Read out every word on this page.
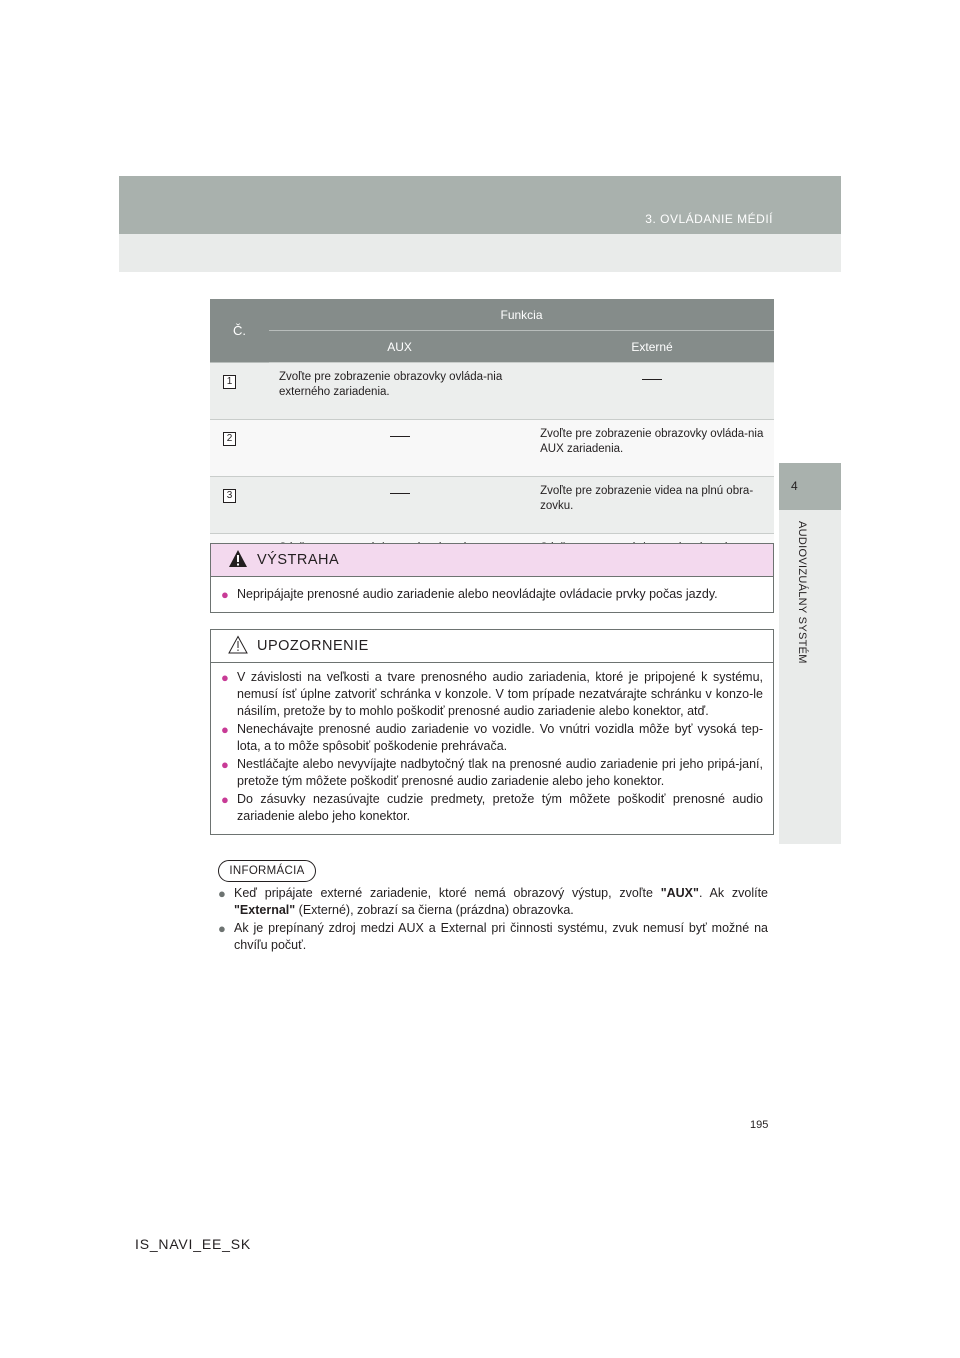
3. OVLÁDANIE MÉDIÍ
4
AUDIOVIZUÁLNY SYSTÉM
Č.	Funkcia	
	AUX	Externé
1	Zvoľte pre zobrazenie obrazovky ovláda-nia externého zariadenia.	
2		Zvoľte pre zobrazenie obrazovky ovláda-nia AUX zariadenia.
3		Zvoľte pre zobrazenie videa na plnú obra-zovku.

VÝSTRAHA
● Nepripájajte prenosné audio zariadenie alebo neovládajte ovládacie prvky počas jazdy.
UPOZORNENIE
● V závislosti na veľkosti a tvare prenosného audio zariadenia, ktoré je pripojené k systému, nemusí ísť úplne zatvoriť schránka v konzole. V tom prípade nezatvárajte schránku v konzo-le násilím, pretože by to mohlo poškodiť prenosné audio zariadenie alebo konektor, atď.
● Nenechávajte prenosné audio zariadenie vo vozidle. Vo vnútri vozidla môže byť vysoká tep-lota, a to môže spôsobiť poškodenie prehrávača.
● Nestláčajte alebo nevyvíjajte nadbytočný tlak na prenosné audio zariadenie pri jeho pripá-janí, pretože tým môžete poškodiť prenosné audio zariadenie alebo jeho konektor.
● Do zásuvky nezasúvajte cudzie predmety, pretože tým môžete poškodiť prenosné audio zariadenie alebo jeho konektor.
INFORMÁCIA
● Keď pripájate externé zariadenie, ktoré nemá obrazový výstup, zvoľte "AUX". Ak zvolíte "External" (Externé), zobrazí sa čierna (prázdna) obrazovka.
● Ak je prepínaný zdroj medzi AUX a External pri činnosti systému, zvuk nemusí byť možné na chvíľu počuť.
195
IS_NAVI_EE_SK
